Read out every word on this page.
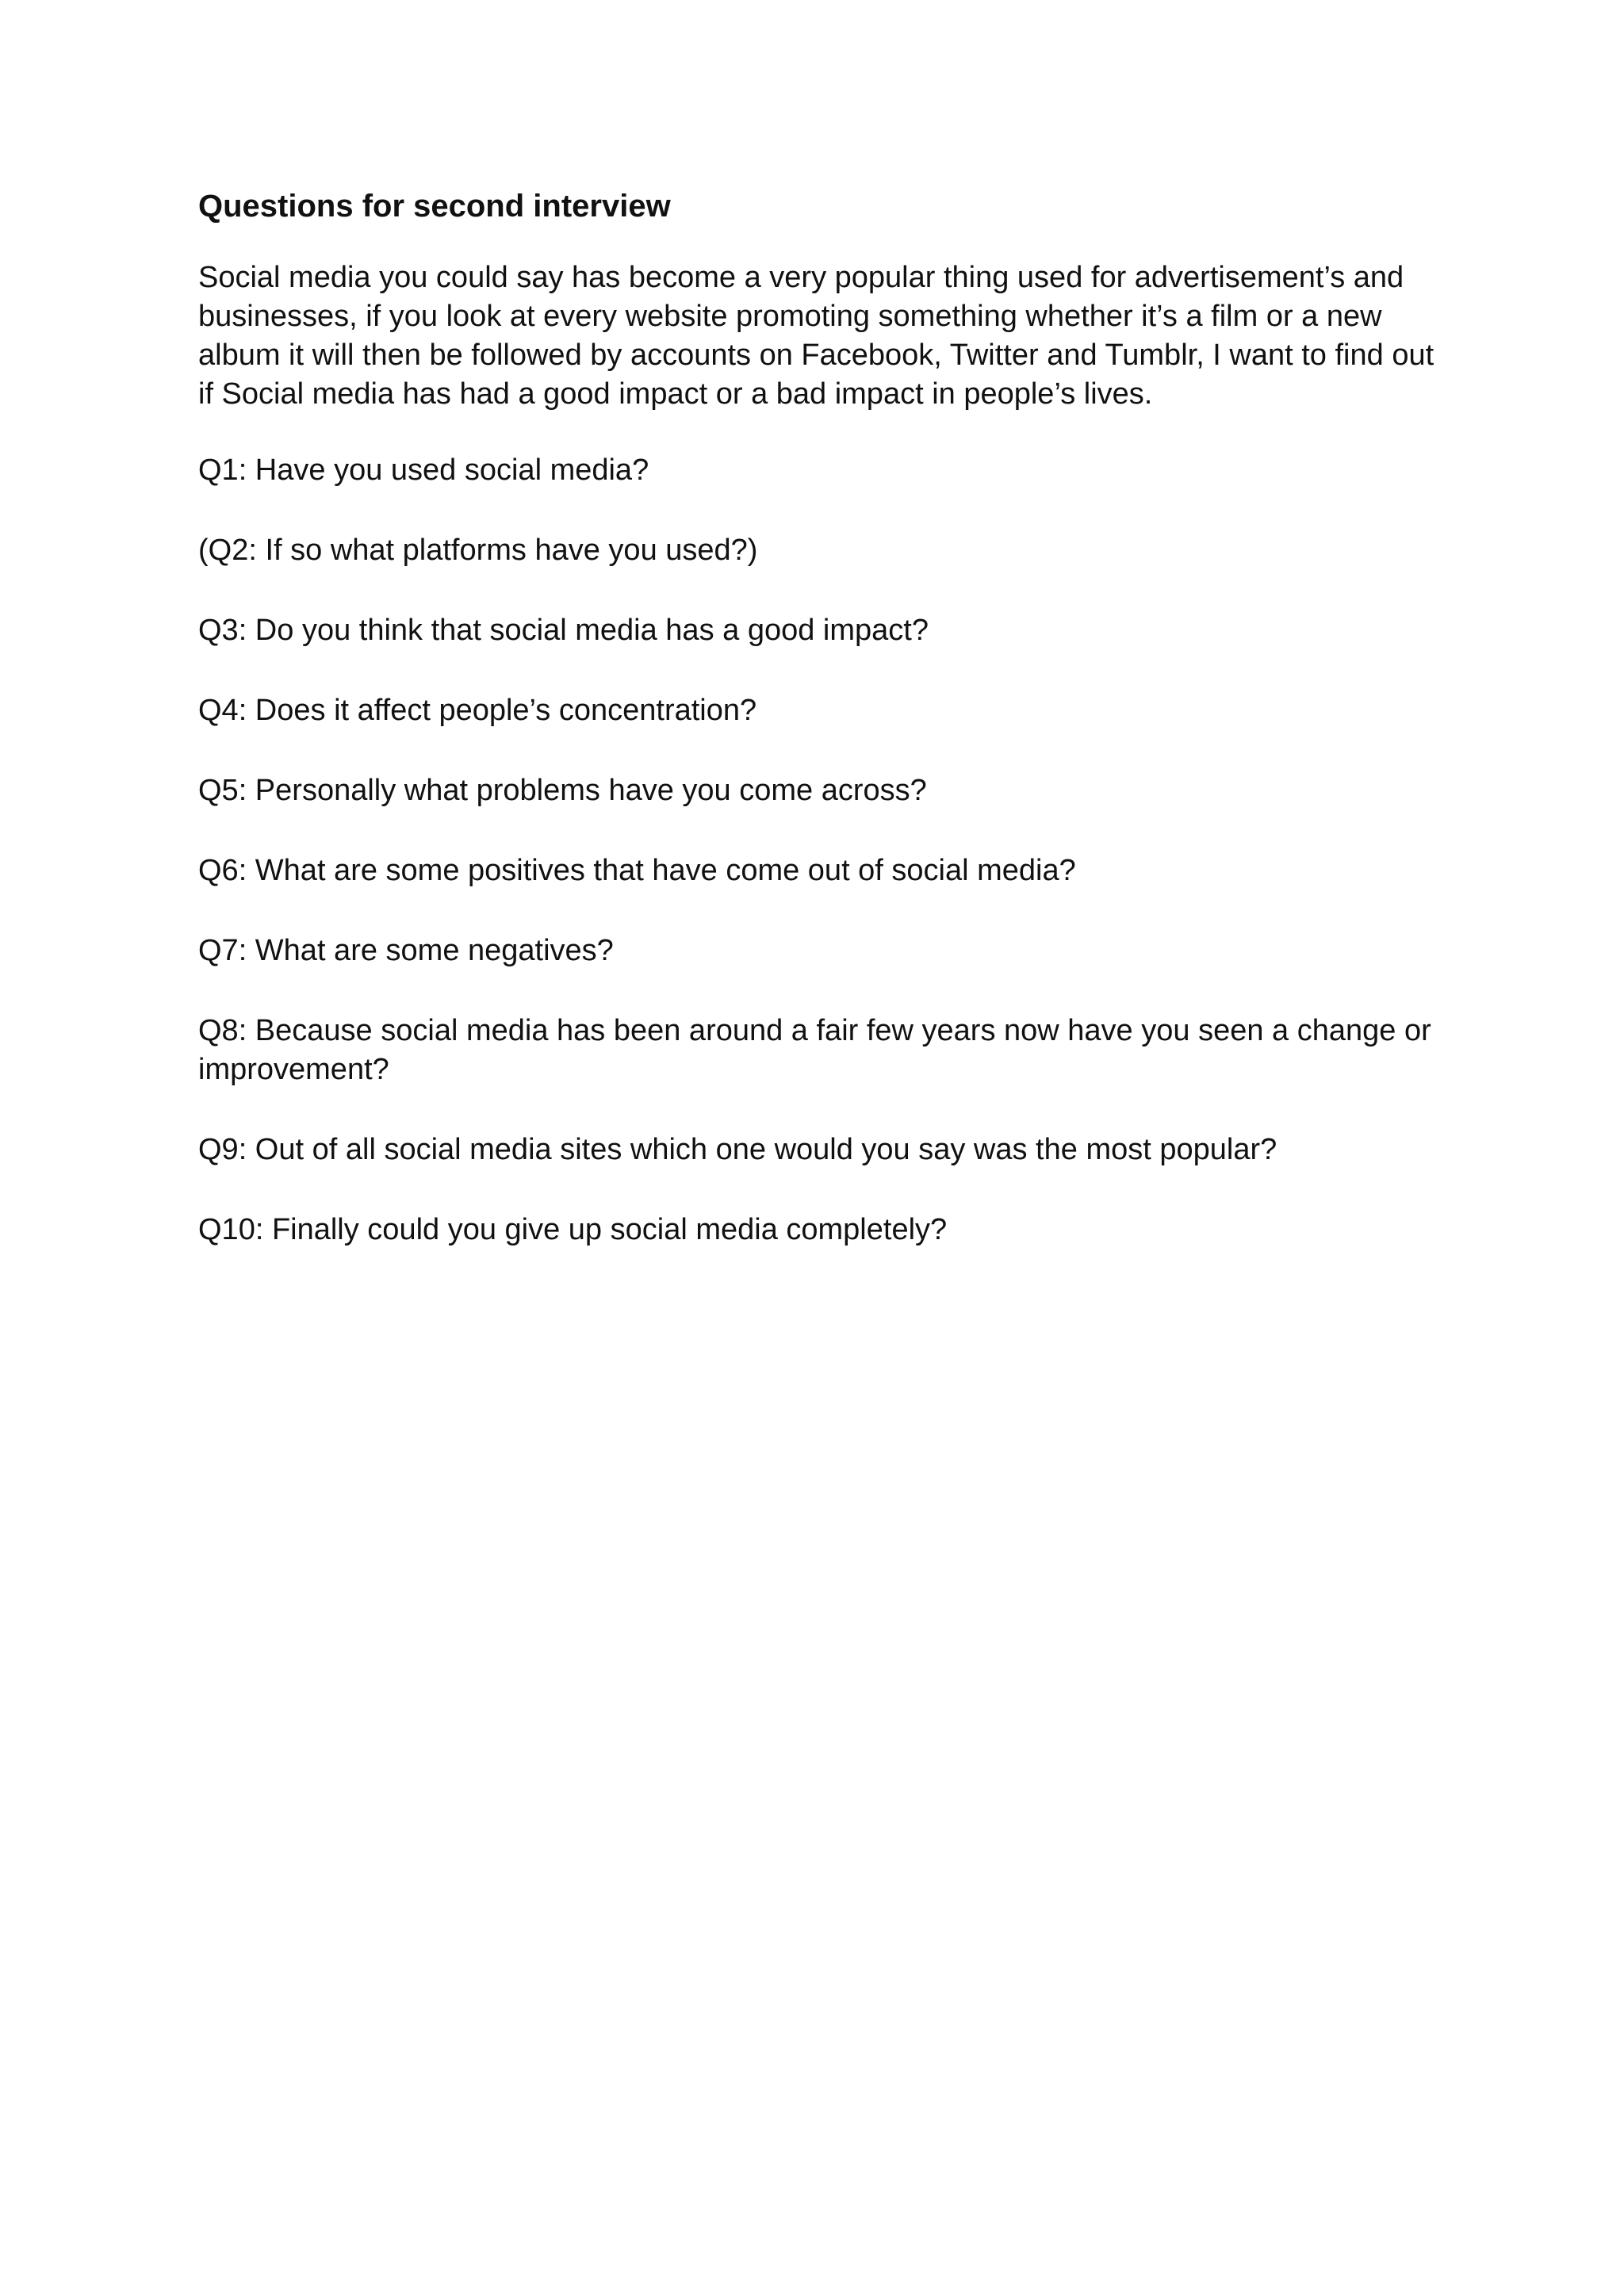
Questions for second interview
Social media you could say has become a very popular thing used for advertisement’s and businesses, if you look at every website promoting something whether it’s a film or a new album it will then be followed by accounts on Facebook, Twitter and Tumblr, I want to find out if Social media has had a good impact or a bad impact in people’s lives.
Q1: Have you used social media?
(Q2: If so what platforms have you used?)
Q3: Do you think that social media has a good impact?
Q4: Does it affect people’s concentration?
Q5: Personally what problems have you come across?
Q6: What are some positives that have come out of social media?
Q7: What are some negatives?
Q8: Because social media has been around a fair few years now have you seen a change or improvement?
Q9: Out of all social media sites which one would you say was the most popular?
Q10: Finally could you give up social media completely?
